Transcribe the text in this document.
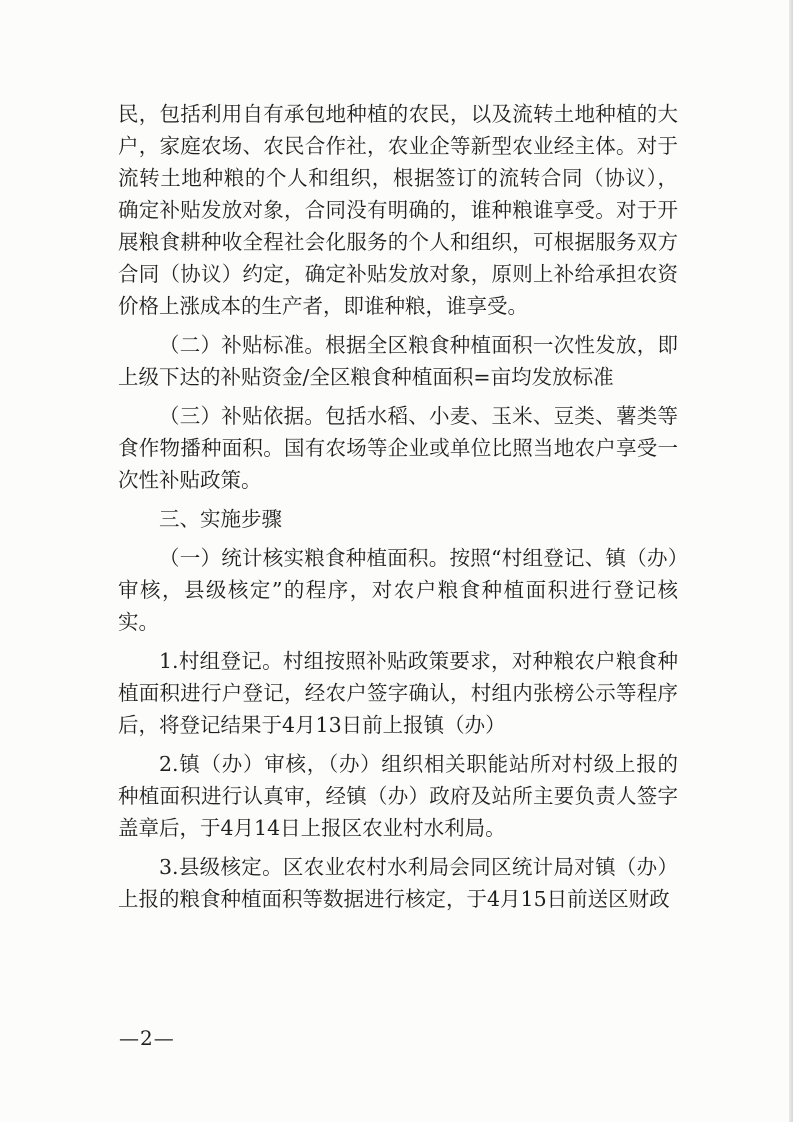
民，包括利用自有承包地种植的农民，以及流转土地种植的大户，家庭农场、农民合作社，农业企等新型农业经主体。对于流转土地种粮的个人和组织，根据签订的流转合同（协议），确定补贴发放对象，合同没有明确的，谁种粮谁享受。对于开展粮食耕种收全程社会化服务的个人和组织，可根据服务双方合同（协议）约定，确定补贴发放对象，原则上补给承担农资价格上涨成本的生产者，即谁种粮，谁享受。

（二）补贴标准。根据全区粮食种植面积一次性发放，即上级下达的补贴资金/全区粮食种植面积=亩均发放标准

（三）补贴依据。包括水稻、小麦、玉米、豆类、薯类等食作物播种面积。国有农场等企业或单位比照当地农户享受一次性补贴政策。

三、实施步骤

（一）统计核实粮食种植面积。按照“村组登记、镇（办）审核，县级核定”的程序，对农户粮食种植面积进行登记核实。

1.村组登记。村组按照补贴政策要求，对种粮农户粮食种植面积进行户登记，经农户签字确认，村组内张榜公示等程序后，将登记结果于4月13日前上报镇（办）

2.镇（办）审核，（办）组织相关职能站所对村级上报的种植面积进行认真审，经镇（办）政府及站所主要负责人签字盖章后，于4月14日上报区农业村水利局。

3.县级核定。区农业农村水利局会同区统计局对镇（办）上报的粮食种植面积等数据进行核定，于4月15日前送区财政

—2—
